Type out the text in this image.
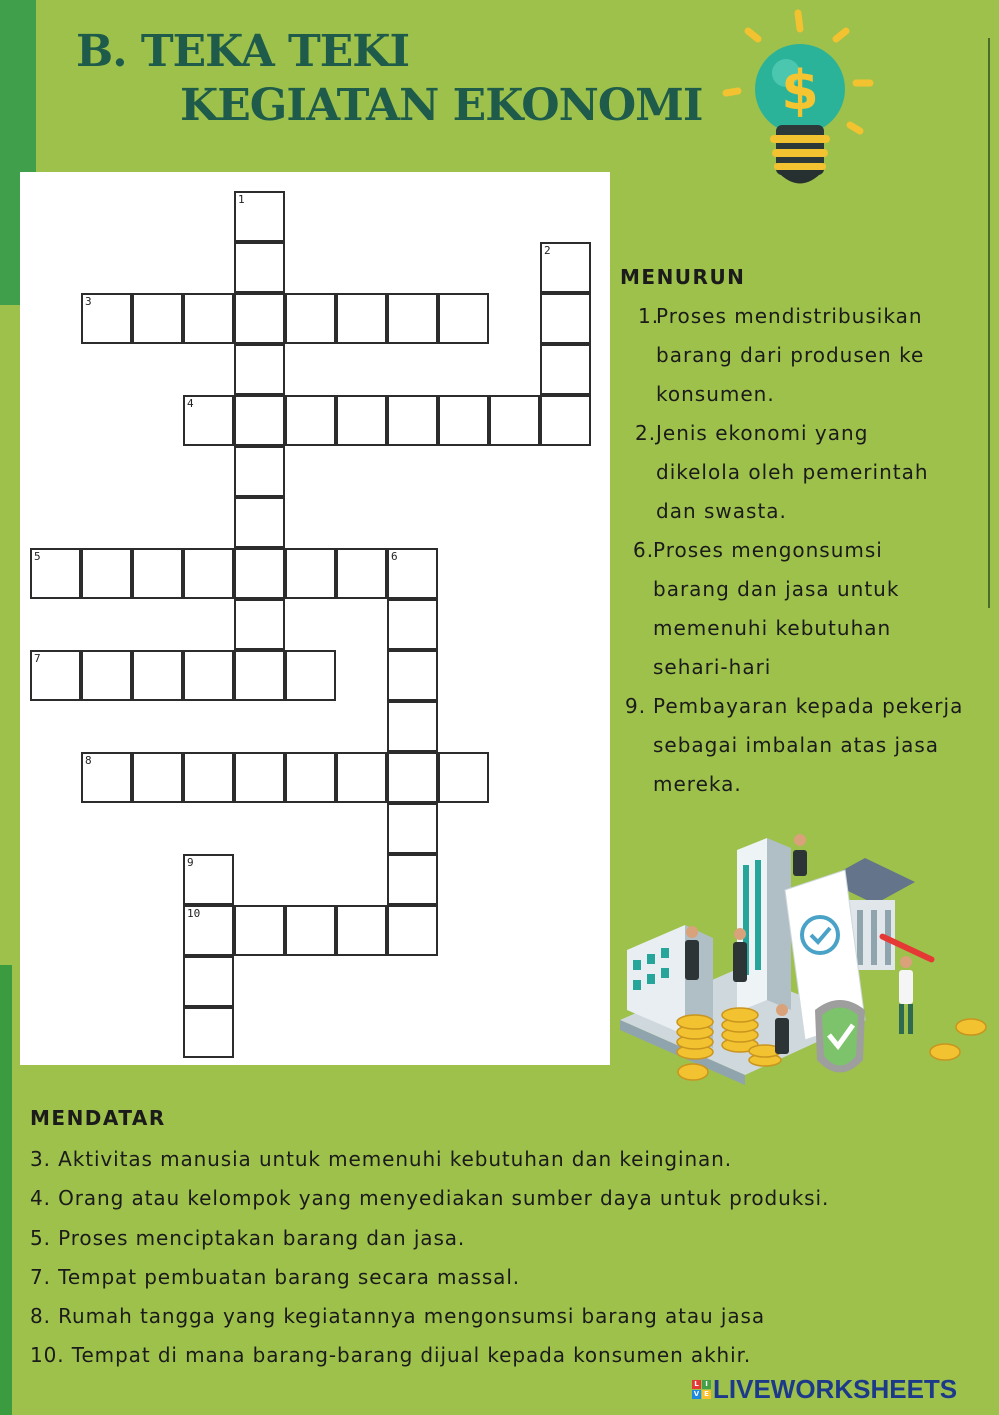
B. TEKA TEKI
KEGIATAN EKONOMI $
3
4
5	6
7
8
10
1
2
9
MENURUN
1.
Proses mendistribusikan
barang dari produsen ke
konsumen.
2. Jenis ekonomi yang
dikelola oleh pemerintah
dan swasta.
6.
Proses mengonsumsi
barang dan jasa untuk
memenuhi kebutuhan
sehari-hari
9. Pembayaran kepada pekerja
sebagai imbalan atas jasa
mereka.
MENDATAR
3. Aktivitas manusia untuk memenuhi kebutuhan dan keinginan.
4. Orang atau kelompok yang menyediakan sumber daya untuk produksi.
5. Proses menciptakan barang dan jasa.
7. Tempat pembuatan barang secara massal.
8. Rumah tangga yang kegiatannya mengonsumsi barang atau jasa
10. Tempat di mana barang-barang dijual kepada konsumen akhir.
L I
V E LIVEWORKSHEETS
